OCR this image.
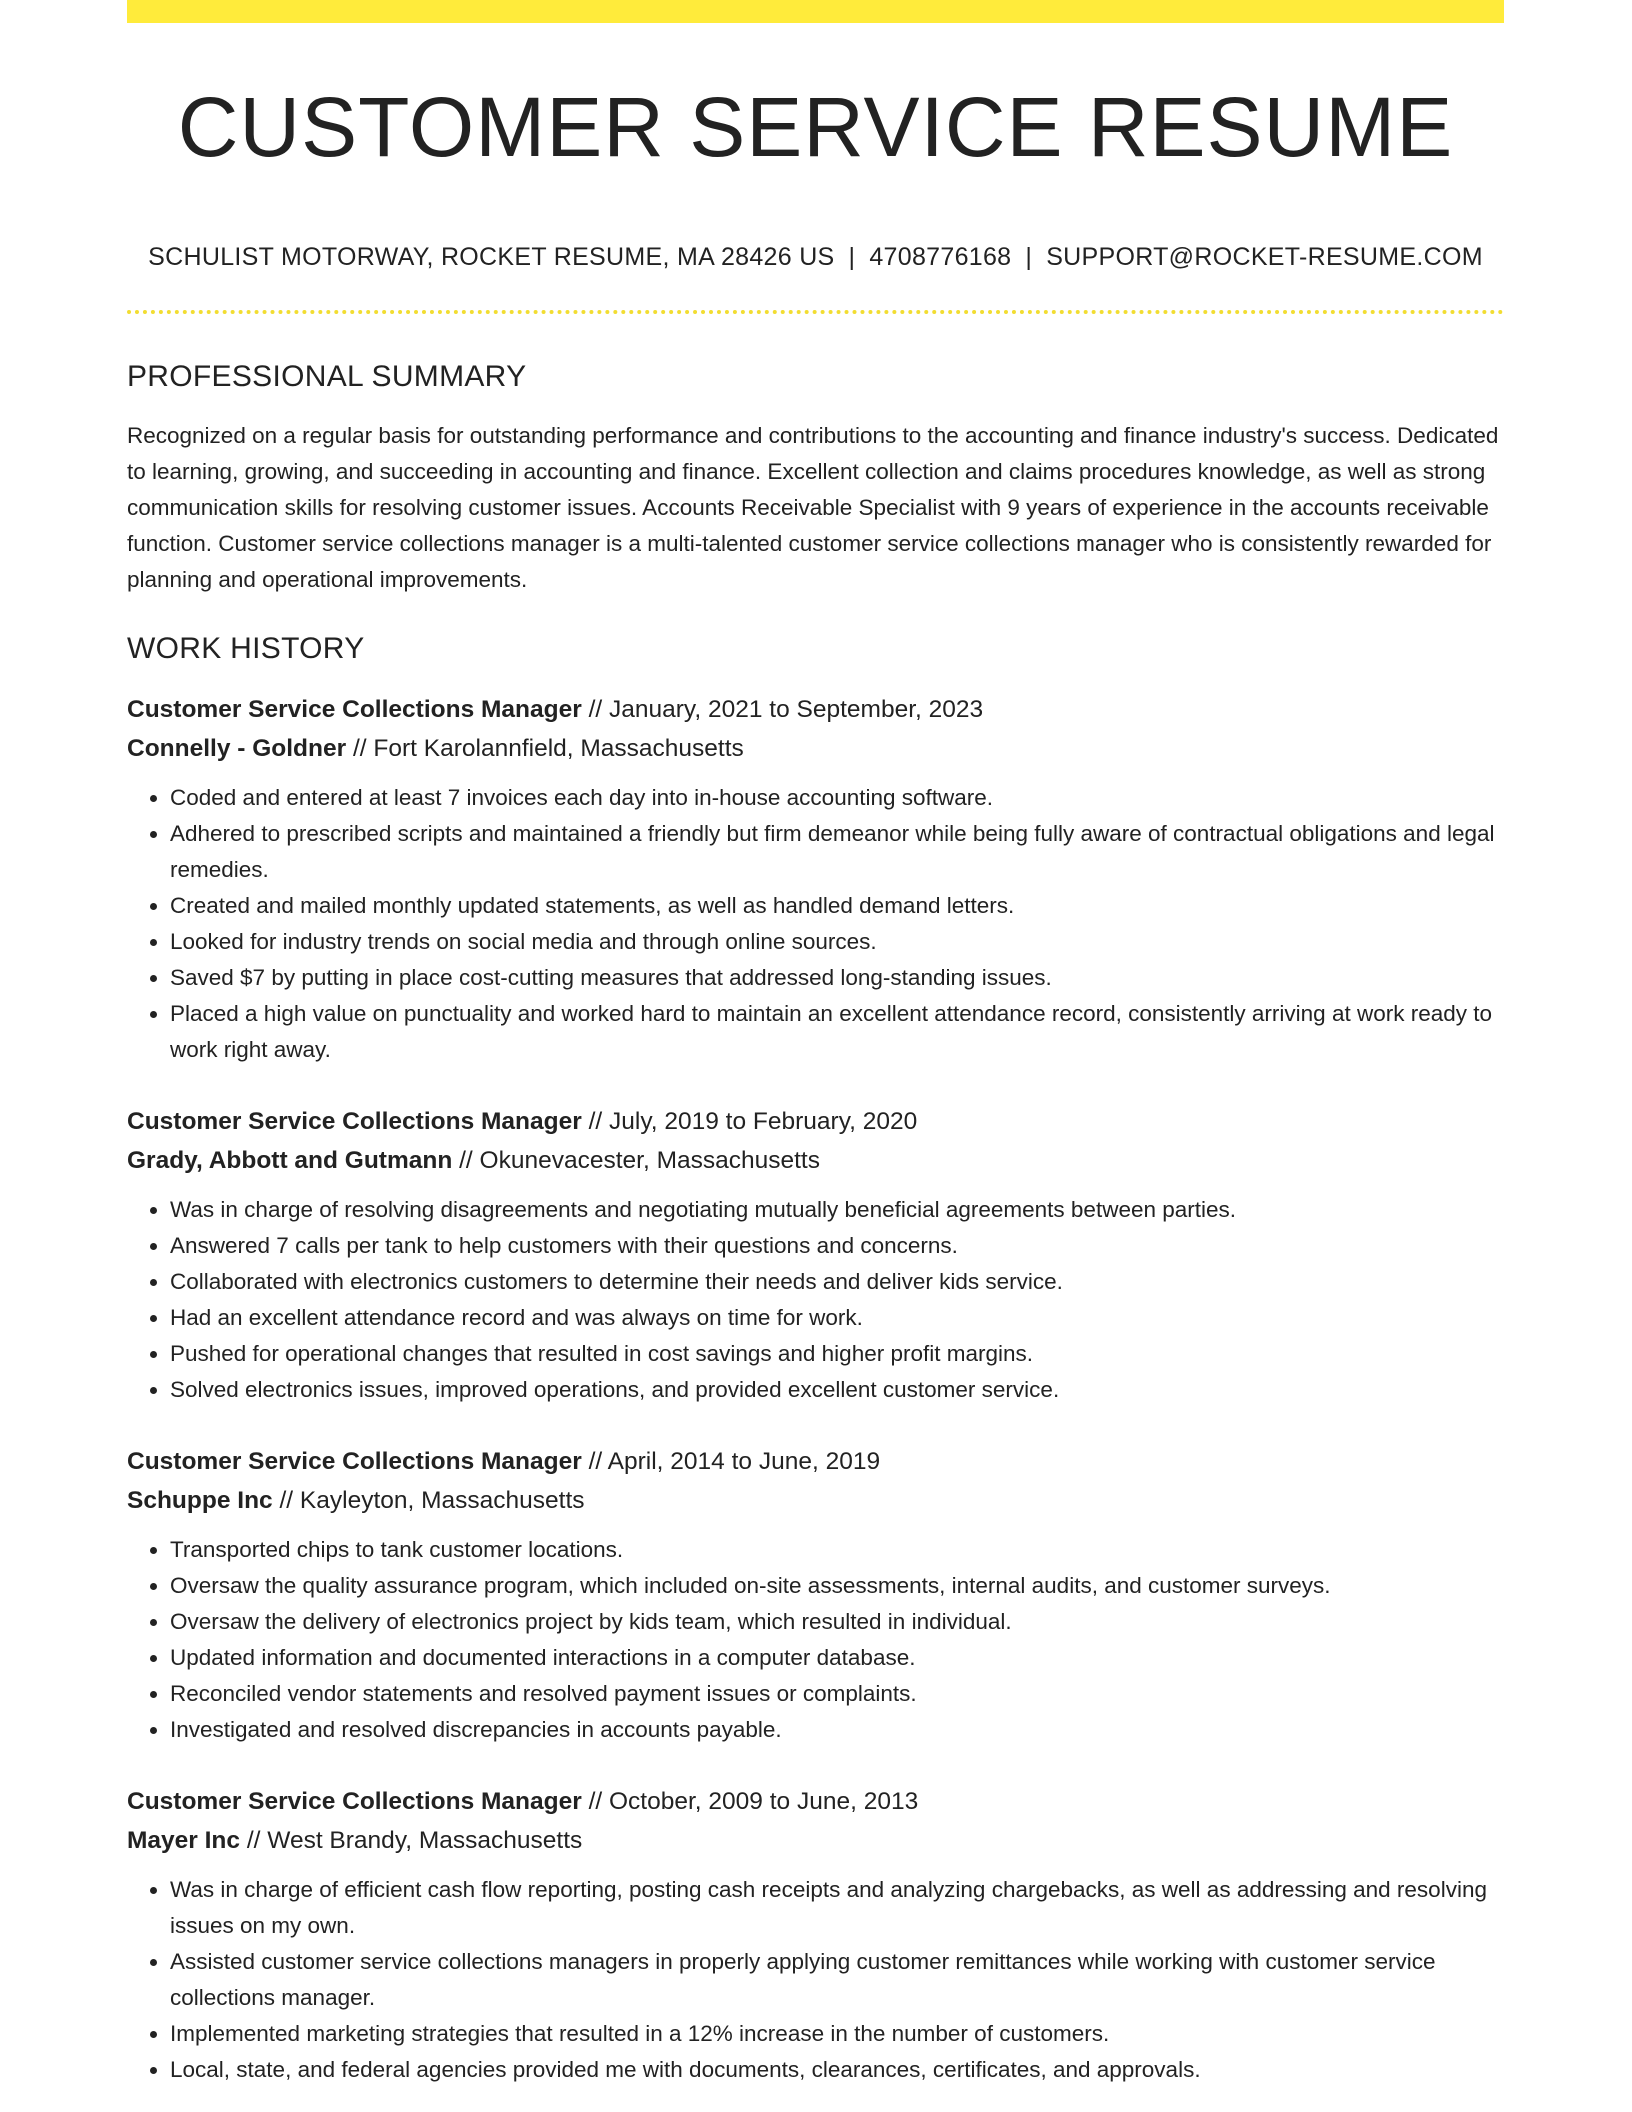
CUSTOMER SERVICE RESUME
SCHULIST MOTORWAY, ROCKET RESUME, MA 28426 US | 4708776168 | SUPPORT@ROCKET-RESUME.COM
PROFESSIONAL SUMMARY

Recognized on a regular basis for outstanding performance and contributions to the accounting and finance industry's success. Dedicated to learning, growing, and succeeding in accounting and finance. Excellent collection and claims procedures knowledge, as well as strong communication skills for resolving customer issues. Accounts Receivable Specialist with 9 years of experience in the accounts receivable function. Customer service collections manager is a multi-talented customer service collections manager who is consistently rewarded for planning and operational improvements.

WORK HISTORY
Customer Service Collections Manager // January, 2021 to September, 2023
Connelly - Goldner // Fort Karolannfield, Massachusetts
• Coded and entered at least 7 invoices each day into in-house accounting software.
• Adhered to prescribed scripts and maintained a friendly but firm demeanor while being fully aware of contractual obligations and legal remedies.
• Created and mailed monthly updated statements, as well as handled demand letters.
• Looked for industry trends on social media and through online sources.
• Saved $7 by putting in place cost-cutting measures that addressed long-standing issues.
• Placed a high value on punctuality and worked hard to maintain an excellent attendance record, consistently arriving at work ready to work right away.
Customer Service Collections Manager // July, 2019 to February, 2020
Grady, Abbott and Gutmann // Okunevacester, Massachusetts
• Was in charge of resolving disagreements and negotiating mutually beneficial agreements between parties.
• Answered 7 calls per tank to help customers with their questions and concerns.
• Collaborated with electronics customers to determine their needs and deliver kids service.
• Had an excellent attendance record and was always on time for work.
• Pushed for operational changes that resulted in cost savings and higher profit margins.
• Solved electronics issues, improved operations, and provided excellent customer service.
Customer Service Collections Manager // April, 2014 to June, 2019
Schuppe Inc // Kayleyton, Massachusetts
• Transported chips to tank customer locations.
• Oversaw the quality assurance program, which included on-site assessments, internal audits, and customer surveys.
• Oversaw the delivery of electronics project by kids team, which resulted in individual.
• Updated information and documented interactions in a computer database.
• Reconciled vendor statements and resolved payment issues or complaints.
• Investigated and resolved discrepancies in accounts payable.
Customer Service Collections Manager // October, 2009 to June, 2013
Mayer Inc // West Brandy, Massachusetts
• Was in charge of efficient cash flow reporting, posting cash receipts and analyzing chargebacks, as well as addressing and resolving issues on my own.
• Assisted customer service collections managers in properly applying customer remittances while working with customer service collections manager.
• Implemented marketing strategies that resulted in a 12% increase in the number of customers.
• Local, state, and federal agencies provided me with documents, clearances, certificates, and approvals.
